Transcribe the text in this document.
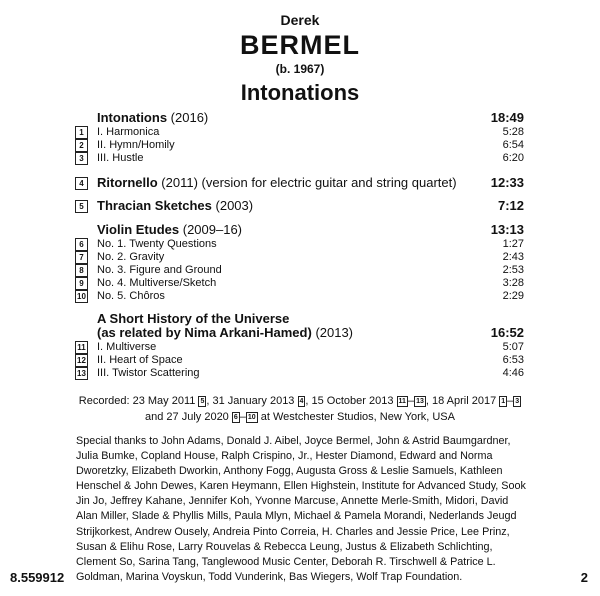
Derek
BERMEL
(b. 1967)
Intonations
Intonations (2016)	18:49
1	I. Harmonica	5:28
2	II. Hymn/Homily	6:54
3	III. Hustle	6:20
4	Ritornello (2011) (version for electric guitar and string quartet)	12:33
5	Thracian Sketches (2003)	7:12
Violin Etudes (2009–16)	13:13
6	No. 1. Twenty Questions	1:27
7	No. 2. Gravity	2:43
8	No. 3. Figure and Ground	2:53
9	No. 4. Multiverse/Sketch	3:28
10 No. 5. Chôros	2:29
A Short History of the Universe
(as related by Nima Arkani-Hamed) (2013)	16:52
11 I. Multiverse	5:07
12 II. Heart of Space	6:53
13 III. Twistor Scattering	4:46
Recorded: 23 May 2011 5 , 31 January 2013 4 , 15 October 2013 11 – 13 , 18 April 2017 1 – 3
and 27 July 2020 6 – 10 at Westchester Studios, New York, USA
Special thanks to John Adams, Donald J. Aibel, Joyce Bermel, John & Astrid Baumgardner, Julia Bumke, Copland House, Ralph Crispino, Jr., Hester Diamond, Edward and Norma Dworetzky, Elizabeth Dworkin, Anthony Fogg, Augusta Gross & Leslie Samuels, Kathleen Henschel & John Dewes, Karen Heymann, Ellen Highstein, Institute for Advanced Study, Sook Jin Jo, Jeffrey Kahane, Jennifer Koh, Yvonne Marcuse, Annette Merle-Smith, Midori, David Alan Miller, Slade & Phyllis Mills, Paula Mlyn, Michael & Pamela Morandi, Nederlands Jeugd Strijkorkest, Andrew Ousely, Andreia Pinto Correia, H. Charles and Jessie Price, Lee Prinz, Susan & Elihu Rose, Larry Rouvelas & Rebecca Leung, Justus & Elizabeth Schlichting, Clement So, Sarina Tang, Tanglewood Music Center, Deborah R. Tirschwell & Patrice L. Goldman, Marina Voyskun, Todd Vunderink, Bas Wiegers, Wolf Trap Foundation.
8.559912	2
